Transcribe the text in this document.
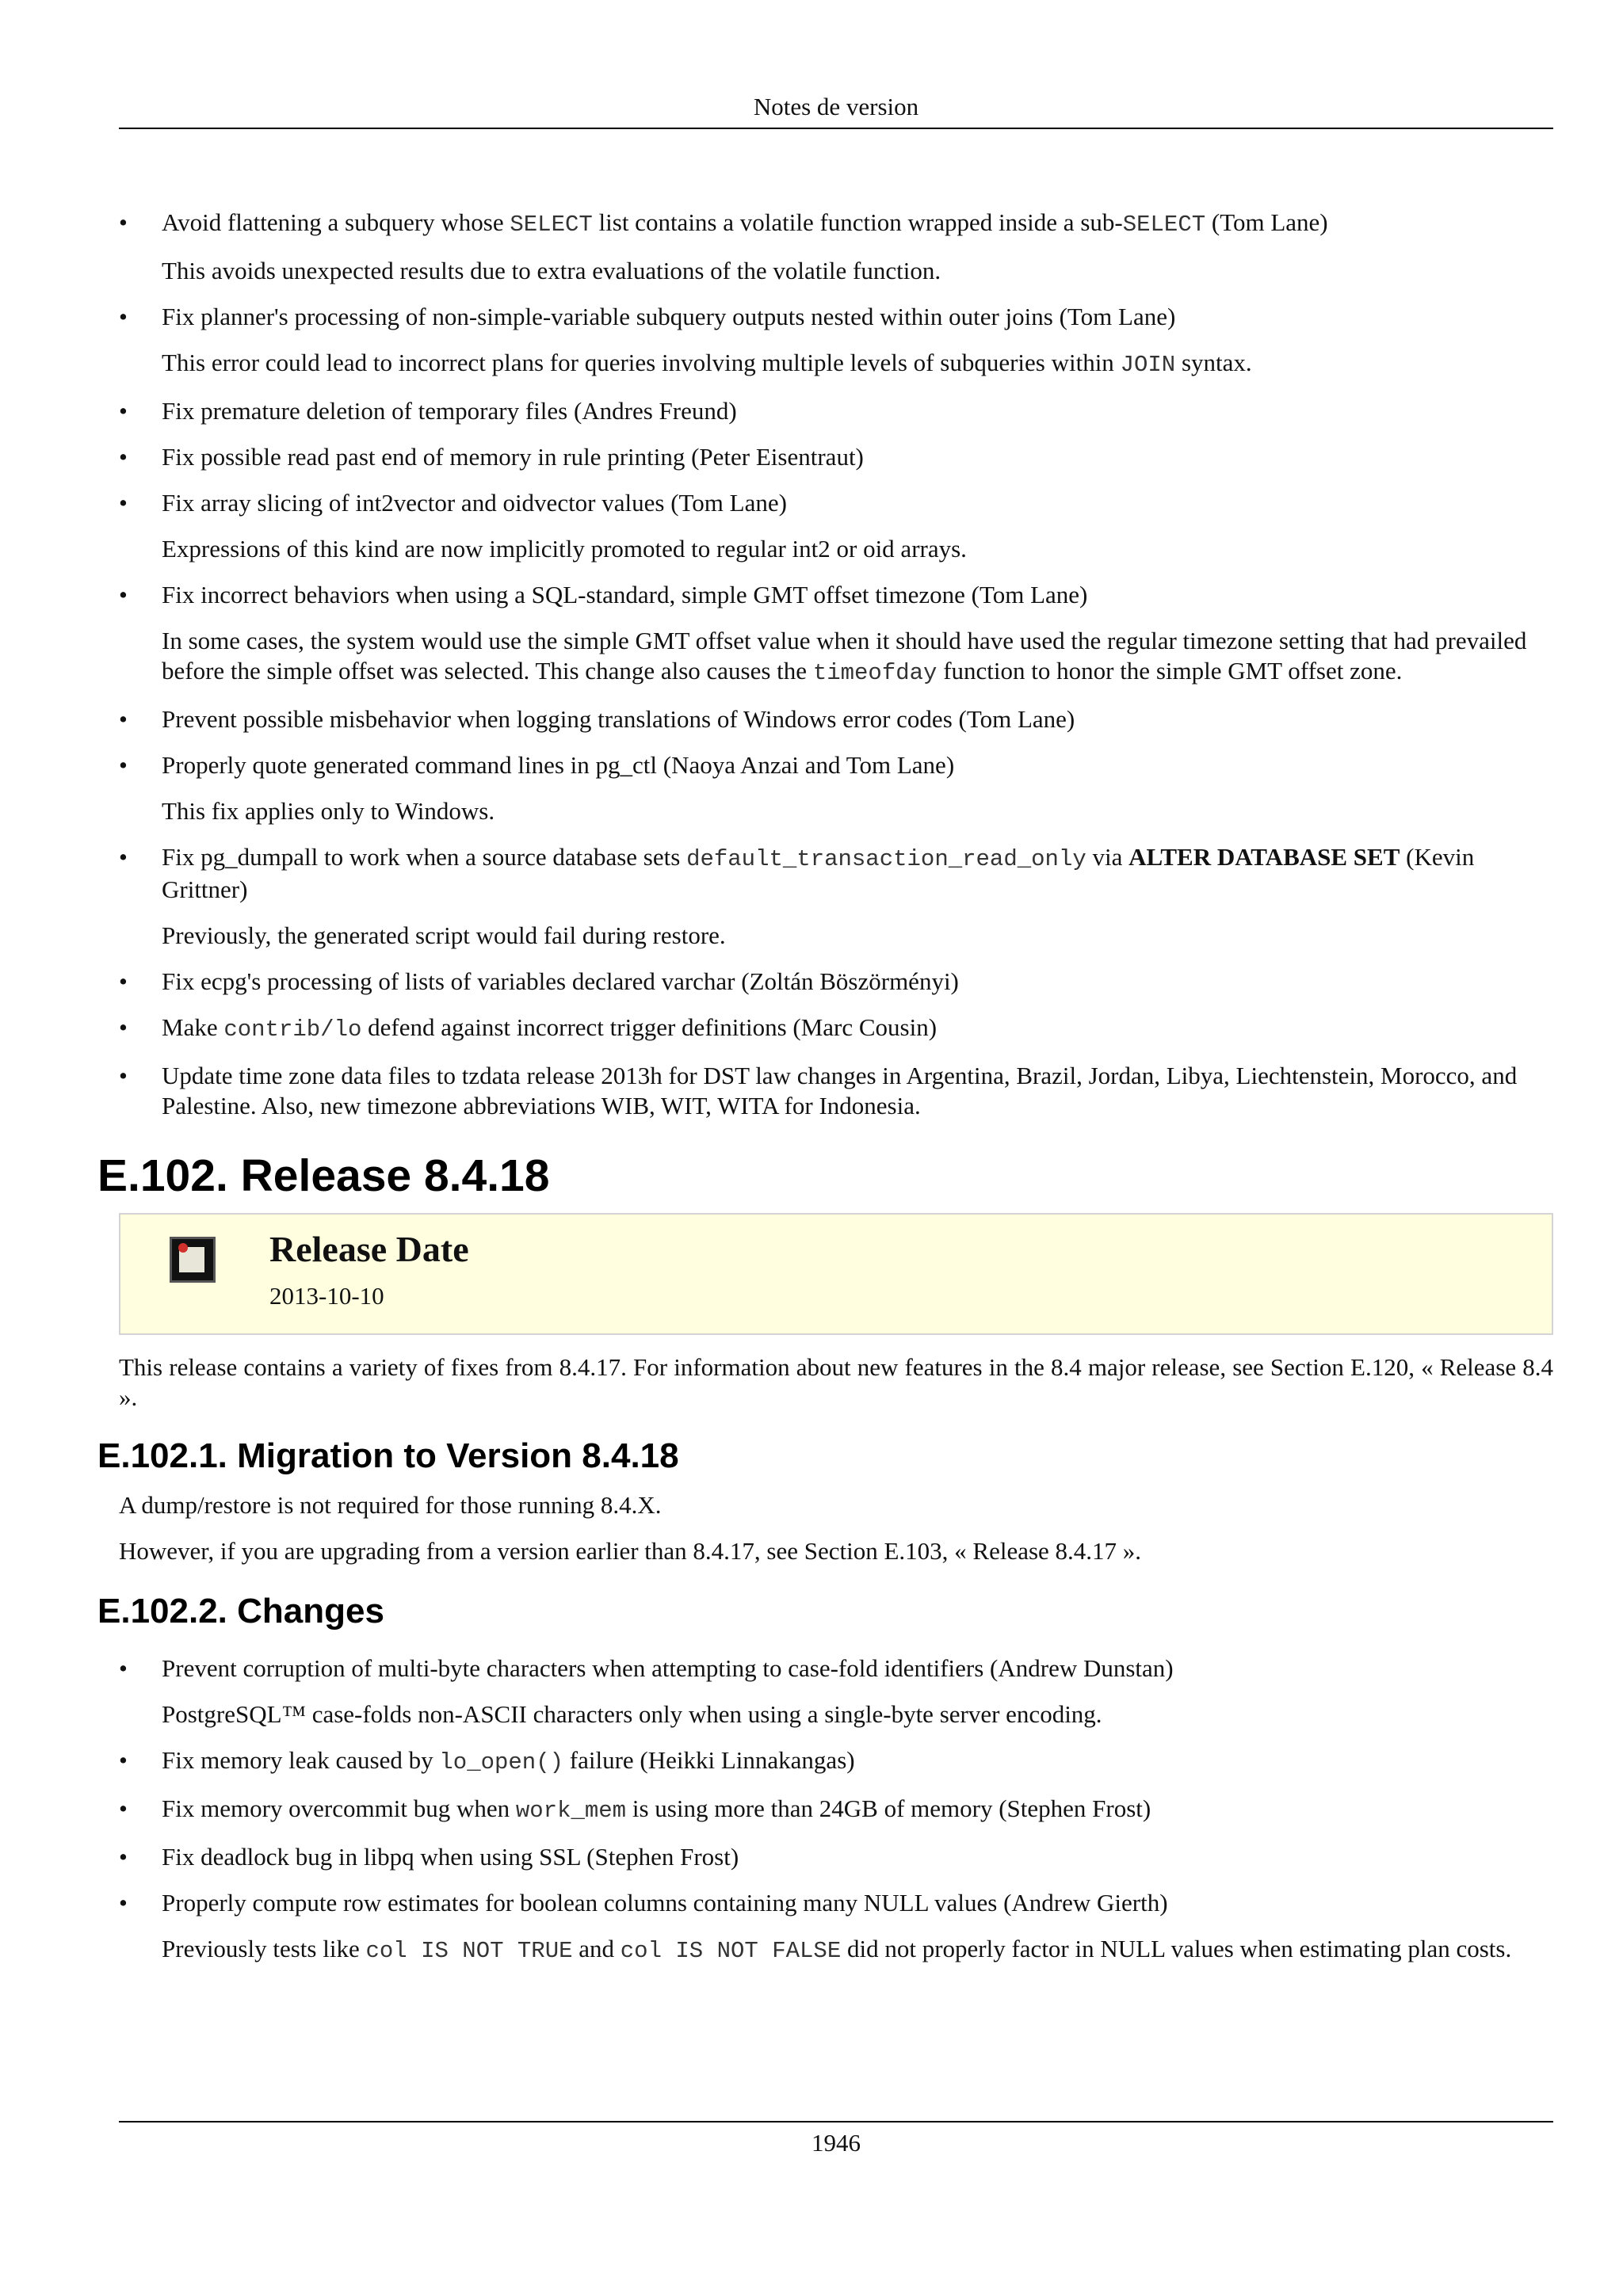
Notes de version
• Avoid flattening a subquery whose SELECT list contains a volatile function wrapped inside a sub-SELECT (Tom Lane)

This avoids unexpected results due to extra evaluations of the volatile function.

• Fix planner's processing of non-simple-variable subquery outputs nested within outer joins (Tom Lane)

This error could lead to incorrect plans for queries involving multiple levels of subqueries within JOIN syntax.

• Fix premature deletion of temporary files (Andres Freund)

• Fix possible read past end of memory in rule printing (Peter Eisentraut)

• Fix array slicing of int2vector and oidvector values (Tom Lane)

Expressions of this kind are now implicitly promoted to regular int2 or oid arrays.

• Fix incorrect behaviors when using a SQL-standard, simple GMT offset timezone (Tom Lane)

In some cases, the system would use the simple GMT offset value when it should have used the regular timezone setting that had prevailed before the simple offset was selected. This change also causes the timeofday function to honor the simple GMT offset zone.

• Prevent possible misbehavior when logging translations of Windows error codes (Tom Lane)

• Properly quote generated command lines in pg_ctl (Naoya Anzai and Tom Lane)

This fix applies only to Windows.

• Fix pg_dumpall to work when a source database sets default_transaction_read_only via ALTER DATABASE SET (Kevin Grittner)

Previously, the generated script would fail during restore.

• Fix ecpg's processing of lists of variables declared varchar (Zoltán Böszörményi)

• Make contrib/lo defend against incorrect trigger definitions (Marc Cousin)

• Update time zone data files to tzdata release 2013h for DST law changes in Argentina, Brazil, Jordan, Libya, Liechtenstein, Morocco, and Palestine. Also, new timezone abbreviations WIB, WIT, WITA for Indonesia.

E.102. Release 8.4.18
Release Date
2013-10-10

This release contains a variety of fixes from 8.4.17. For information about new features in the 8.4 major release, see Section E.120, « Release 8.4 ».

E.102.1. Migration to Version 8.4.18

A dump/restore is not required for those running 8.4.X.

However, if you are upgrading from a version earlier than 8.4.17, see Section E.103, « Release 8.4.17 ».

E.102.2. Changes
• Prevent corruption of multi-byte characters when attempting to case-fold identifiers (Andrew Dunstan)

PostgreSQL™ case-folds non-ASCII characters only when using a single-byte server encoding.

• Fix memory leak caused by lo_open() failure (Heikki Linnakangas)

• Fix memory overcommit bug when work_mem is using more than 24GB of memory (Stephen Frost)

• Fix deadlock bug in libpq when using SSL (Stephen Frost)

• Properly compute row estimates for boolean columns containing many NULL values (Andrew Gierth)

Previously tests like col IS NOT TRUE and col IS NOT FALSE did not properly factor in NULL values when estimating plan costs.

1946
